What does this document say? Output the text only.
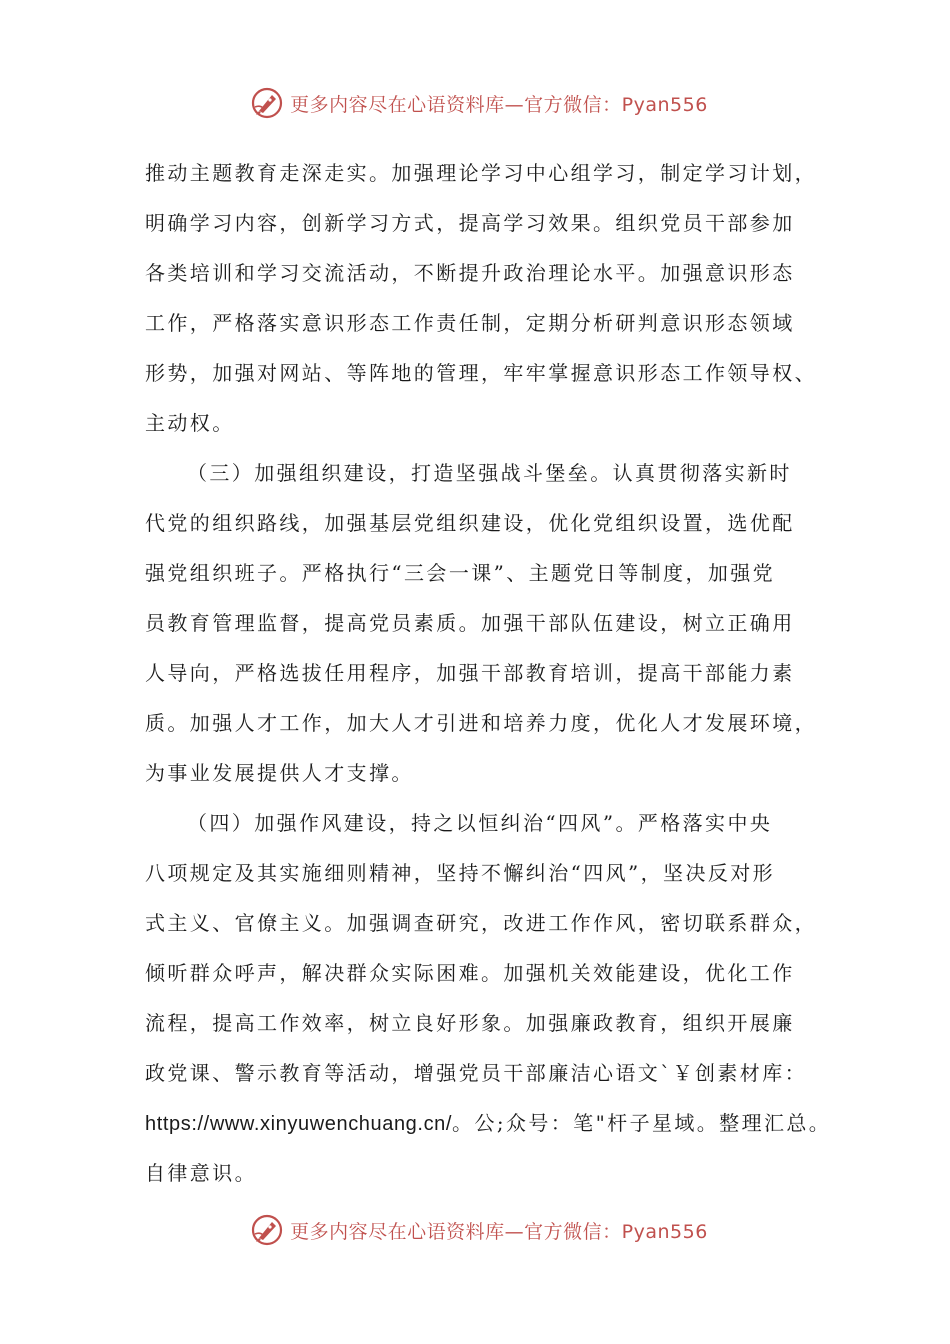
更多内容尽在心语资料库—官方微信：Pyan556
推动主题教育走深走实。加强理论学习中心组学习，制定学习计划，
明确学习内容，创新学习方式，提高学习效果。组织党员干部参加
各类培训和学习交流活动，不断提升政治理论水平。加强意识形态
工作，严格落实意识形态工作责任制，定期分析研判意识形态领域
形势，加强对网站、等阵地的管理，牢牢掌握意识形态工作领导权、
主动权。
（三）加强组织建设，打造坚强战斗堡垒。认真贯彻落实新时
代党的组织路线，加强基层党组织建设，优化党组织设置，选优配
强党组织班子。严格执行“三会一课”、主题党日等制度，加强党
员教育管理监督，提高党员素质。加强干部队伍建设，树立正确用
人导向，严格选拔任用程序，加强干部教育培训，提高干部能力素
质。加强人才工作，加大人才引进和培养力度，优化人才发展环境，
为事业发展提供人才支撑。
（四）加强作风建设，持之以恒纠治“四风”。严格落实中央
八项规定及其实施细则精神，坚持不懈纠治“四风”，坚决反对形
式主义、官僚主义。加强调查研究，改进工作作风，密切联系群众，
倾听群众呼声，解决群众实际困难。加强机关效能建设，优化工作
流程，提高工作效率，树立良好形象。加强廉政教育，组织开展廉
政党课、警示教育等活动，增强党员干部廉洁心语文`￥创素材库：
https://www.xinyuwenchuang.cn/。公;众号：笔"杆子星域。整理汇总。
自律意识。
更多内容尽在心语资料库—官方微信：Pyan556
